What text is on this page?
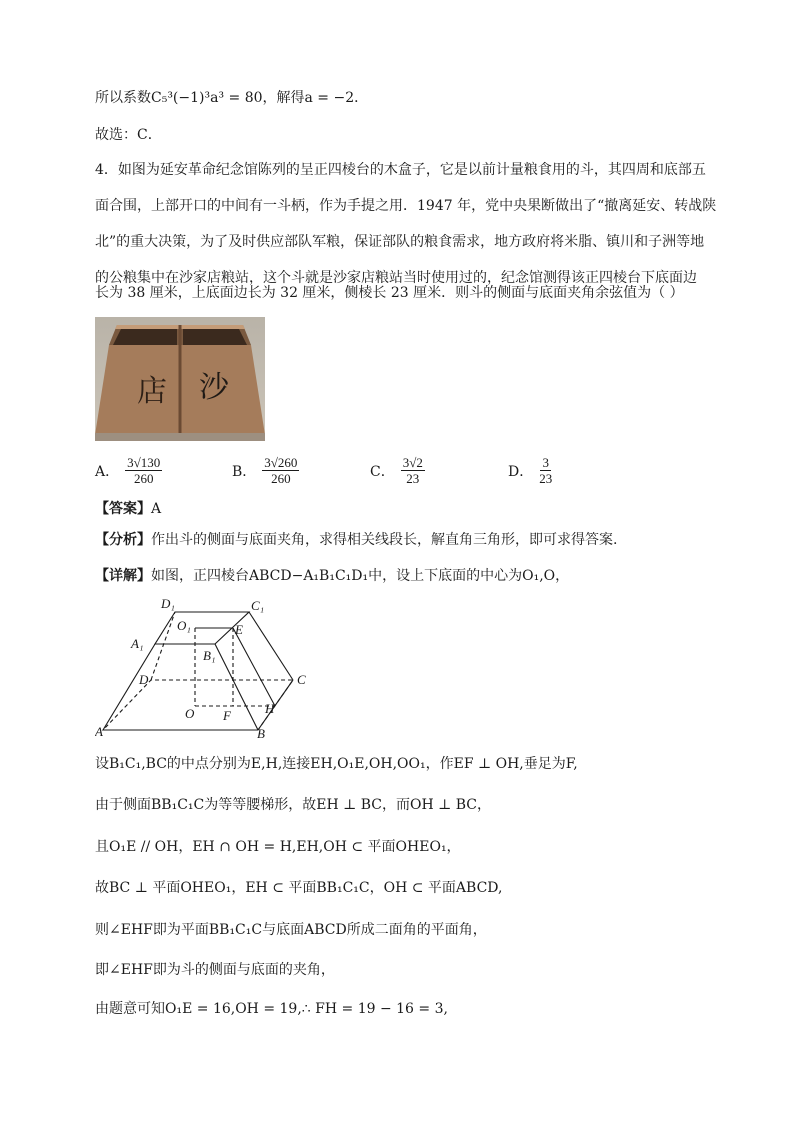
所以系数C₅³(−1)³a³ = 80，解得a = −2．
故选：C．
4．如图为延安革命纪念馆陈列的呈正四棱台的木盒子，它是以前计量粮食用的斗，其四周和底部五
面合围，上部开口的中间有一斗柄，作为手提之用．1947 年，党中央果断做出了“撤离延安、转战陕
北”的重大决策，为了及时供应部队军粮，保证部队的粮食需求，地方政府将米脂、镇川和子洲等地
的公粮集中在沙家店粮站，这个斗就是沙家店粮站当时使用过的，纪念馆测得该正四棱台下底面边
长为 38 厘米，上底面边长为 32 厘米，侧棱长 23 厘米．则斗的侧面与底面夹角余弦值为（ ）
店 沙
A． $\frac{3√130}{260}$	B． $\frac{3√260}{260}$	C． $\frac{3√2}{23}$	D． $\frac{3}{23}$
【答案】A
【分析】作出斗的侧面与底面夹角，求得相关线段长，解直角三角形，即可求得答案.
【详解】如图，正四棱台ABCD−A₁B₁C₁D₁中，设上下底面的中心为O₁,O，
A	B
C
D
A₁
B₁
C₁
D₁
O
O₁	E
F	H
设B₁C₁,BC的中点分别为E,H,连接EH,O₁E,OH,OO₁，作EF ⊥ OH,垂足为F,
由于侧面BB₁C₁C为等等腰梯形，故EH ⊥ BC，而OH ⊥ BC，
且O₁E // OH，EH ∩ OH = H,EH,OH ⊂ 平面OHEO₁，
故BC ⊥ 平面OHEO₁，EH ⊂ 平面BB₁C₁C，OH ⊂ 平面ABCD,
则∠EHF即为平面BB₁C₁C与底面ABCD所成二面角的平面角，
即∠EHF即为斗的侧面与底面的夹角，
由题意可知O₁E = 16,OH = 19,∴ FH = 19 − 16 = 3,
